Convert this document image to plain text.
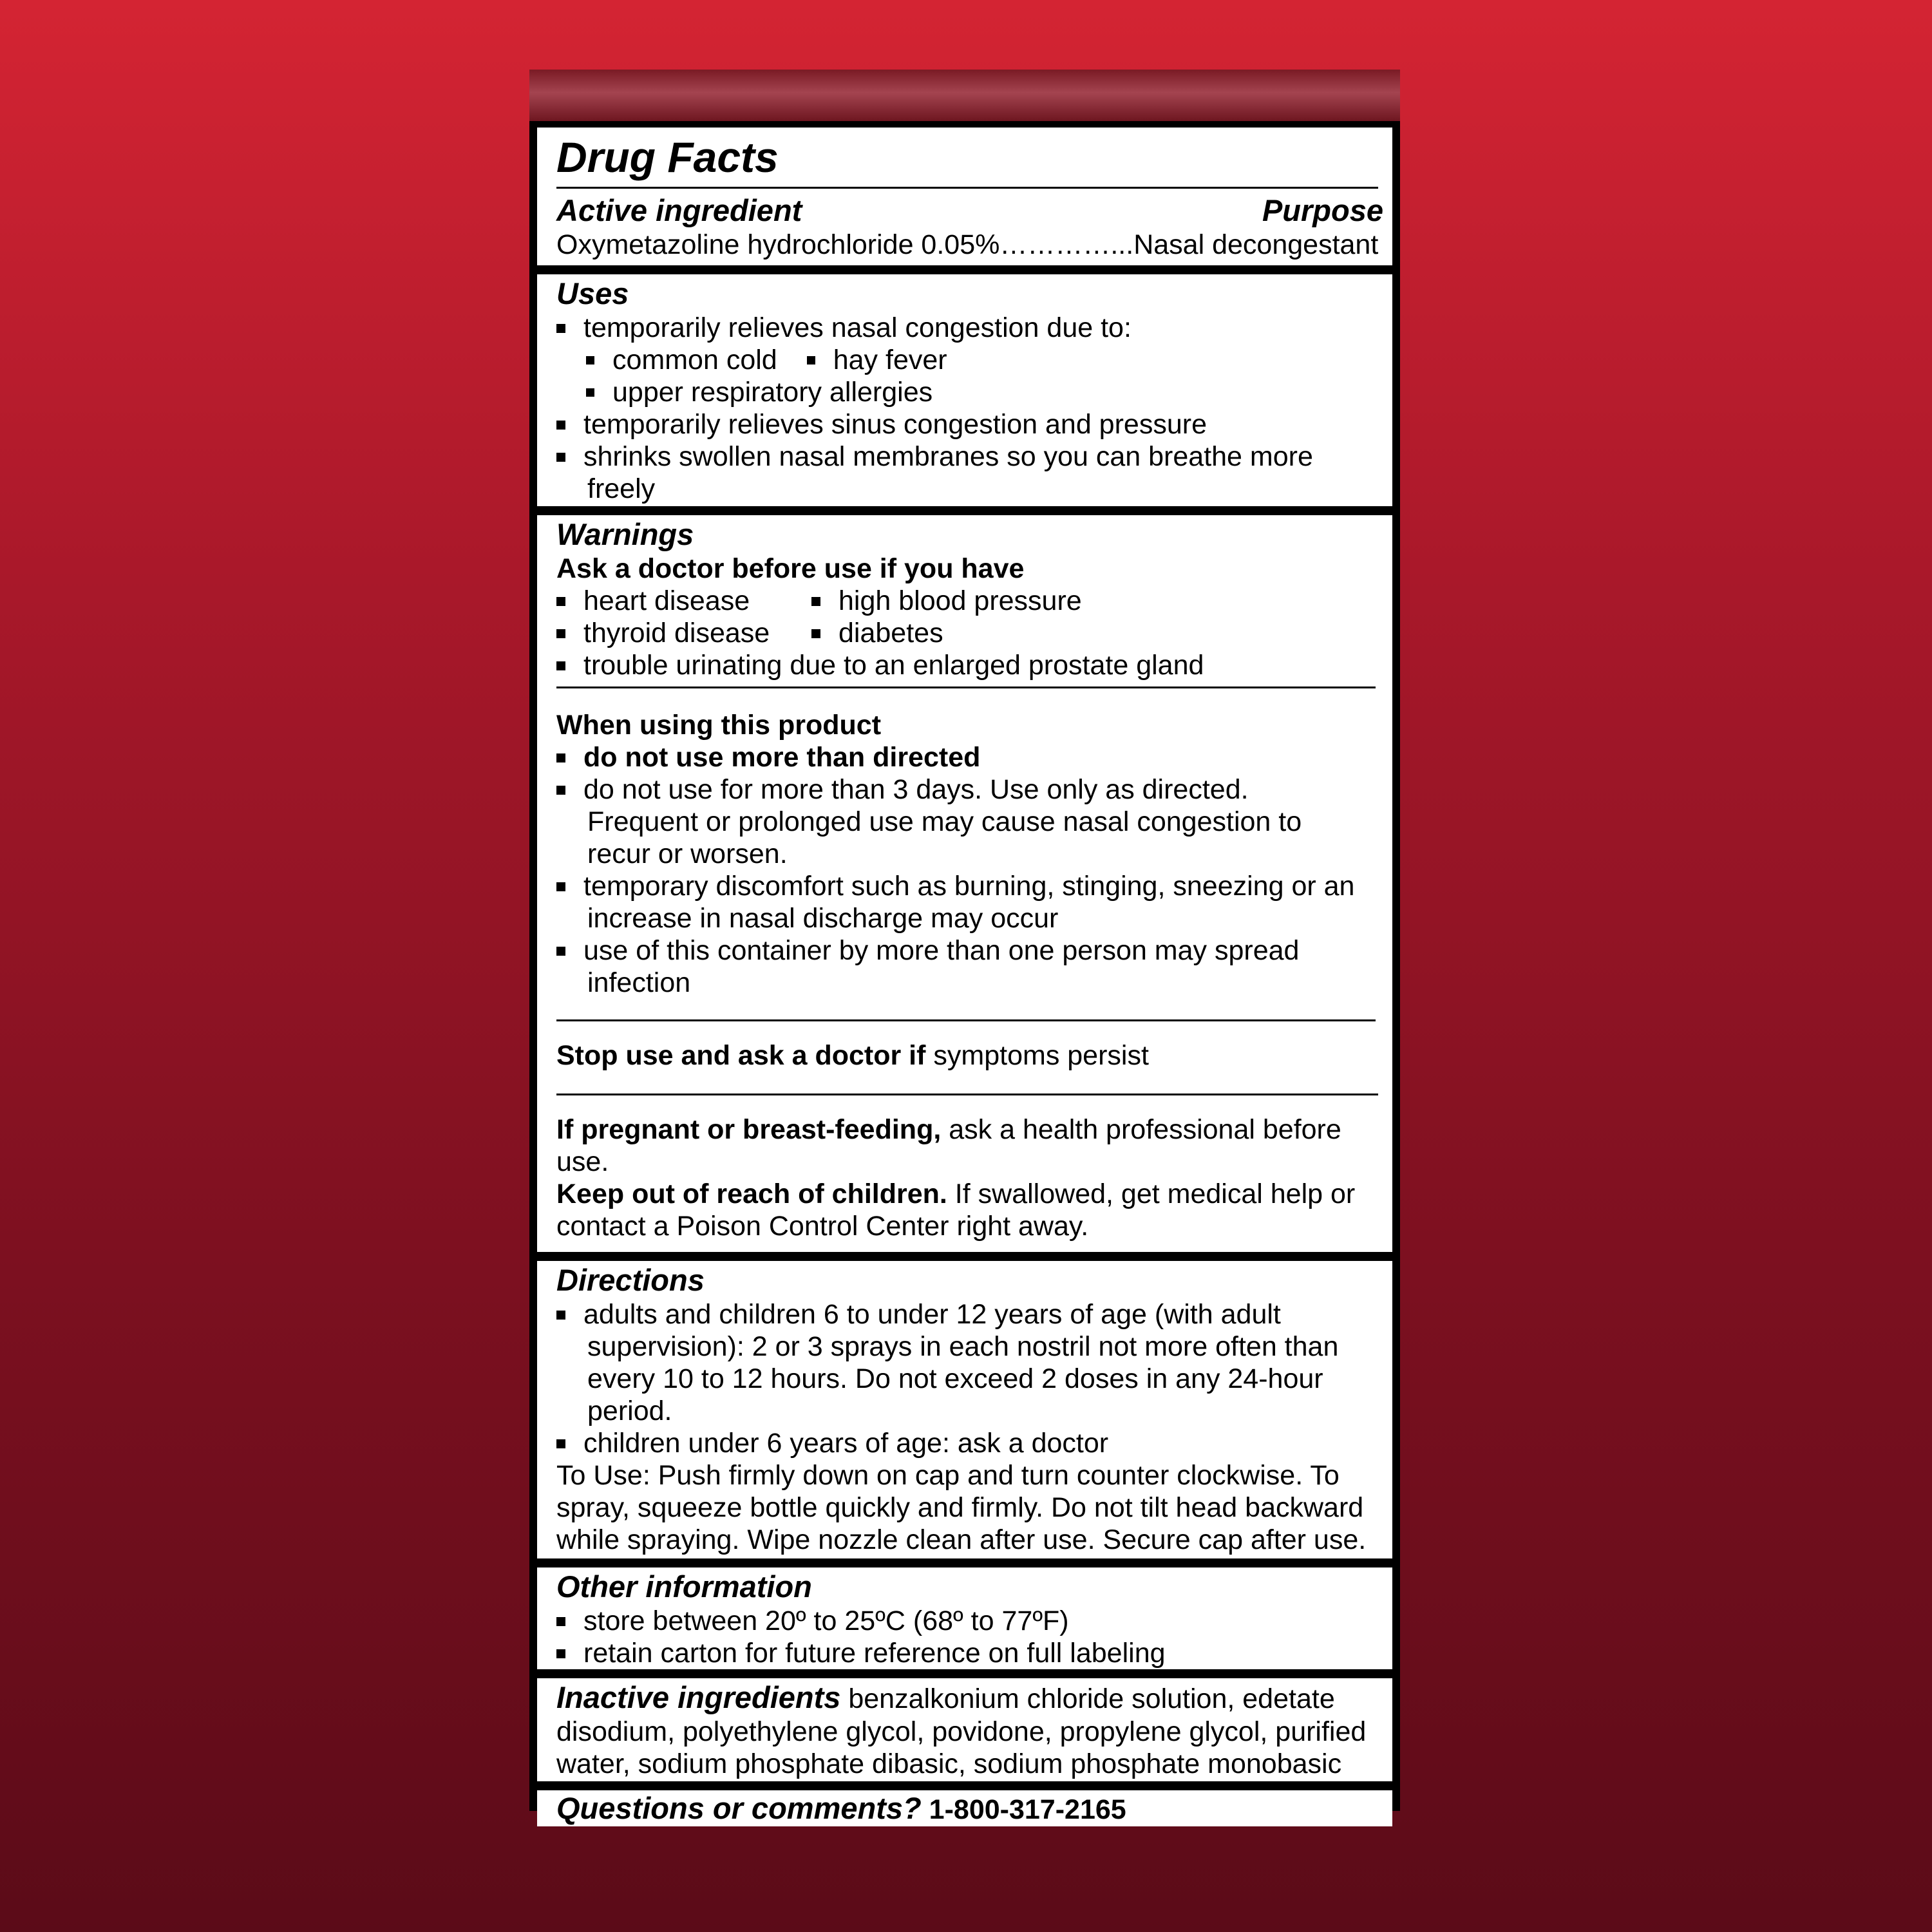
Drug Facts
Active ingredient	Purpose
Oxymetazoline hydrochloride 0.05%…………...Nasal decongestant
Uses
temporarily relieves nasal congestion due to:
common cold hay fever
upper respiratory allergies
temporarily relieves sinus congestion and pressure
shrinks swollen nasal membranes so you can breathe more
freely
Warnings
Ask a doctor before use if you have
heart disease	high blood pressure
thyroid disease diabetes
trouble urinating due to an enlarged prostate gland
When using this product
do not use more than directed
do not use for more than 3 days. Use only as directed.
Frequent or prolonged use may cause nasal congestion to
recur or worsen.
temporary discomfort such as burning, stinging, sneezing or an
increase in nasal discharge may occur
use of this container by more than one person may spread
infection
Stop use and ask a doctor if symptoms persist
If pregnant or breast-feeding, ask a health professional before
use.
Keep out of reach of children. If swallowed, get medical help or
contact a Poison Control Center right away.
Directions
adults and children 6 to under 12 years of age (with adult
supervision): 2 or 3 sprays in each nostril not more often than
every 10 to 12 hours. Do not exceed 2 doses in any 24-hour
period.
children under 6 years of age: ask a doctor
To Use: Push firmly down on cap and turn counter clockwise. To
spray, squeeze bottle quickly and firmly. Do not tilt head backward
while spraying. Wipe nozzle clean after use. Secure cap after use.
Other information
store between 20º to 25ºC (68º to 77ºF)
retain carton for future reference on full labeling
Inactive ingredients benzalkonium chloride solution, edetate
disodium, polyethylene glycol, povidone, propylene glycol, purified
water, sodium phosphate dibasic, sodium phosphate monobasic
Questions or comments? 1-800-317-2165
